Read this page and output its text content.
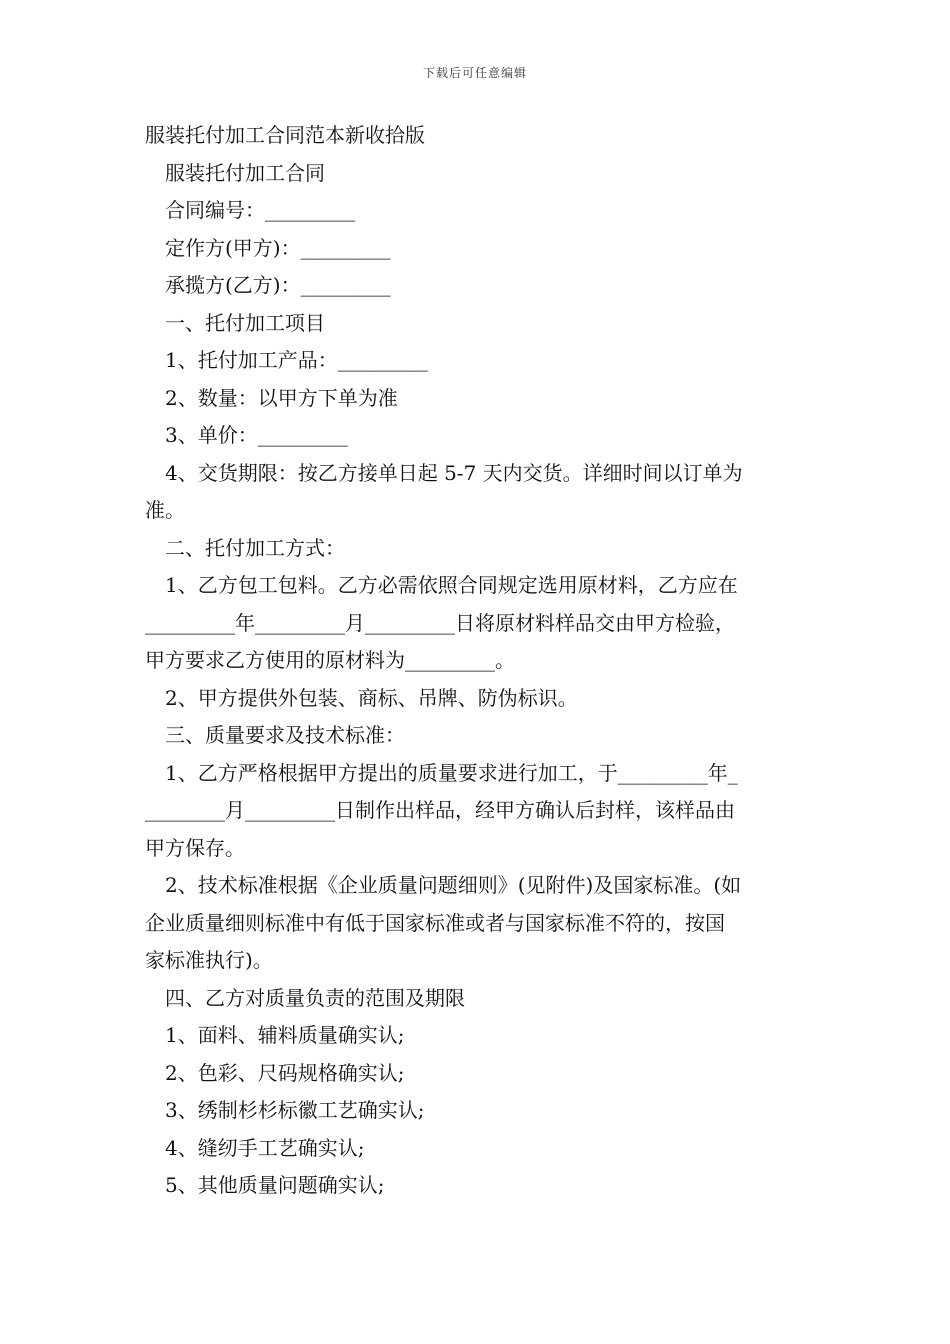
下载后可任意编辑
服装托付加工合同范本新收拾版
服装托付加工合同
合同编号：_________
定作方(甲方)：_________
承揽方(乙方)：_________
一、托付加工项目
1、托付加工产品：_________
2、数量：以甲方下单为准
3、单价：_________
4、交货期限：按乙方接单日起 5-7 天内交货。详细时间以订单为
准。
二、托付加工方式：
1、乙方包工包料。乙方必需依照合同规定选用原材料，乙方应在
_________年_________月_________日将原材料样品交由甲方检验，
甲方要求乙方使用的原材料为_________。
2、甲方提供外包装、商标、吊牌、防伪标识。
三、质量要求及技术标准：
1、乙方严格根据甲方提出的质量要求进行加工，于_________年_
________月_________日制作出样品，经甲方确认后封样，该样品由
甲方保存。
2、技术标准根据《企业质量问题细则》(见附件)及国家标准。(如
企业质量细则标准中有低于国家标准或者与国家标准不符的，按国
家标准执行)。
四、乙方对质量负责的范围及期限
1、面料、辅料质量确实认;
2、色彩、尺码规格确实认;
3、绣制杉杉标徽工艺确实认;
4、缝纫手工艺确实认;
5、其他质量问题确实认;
